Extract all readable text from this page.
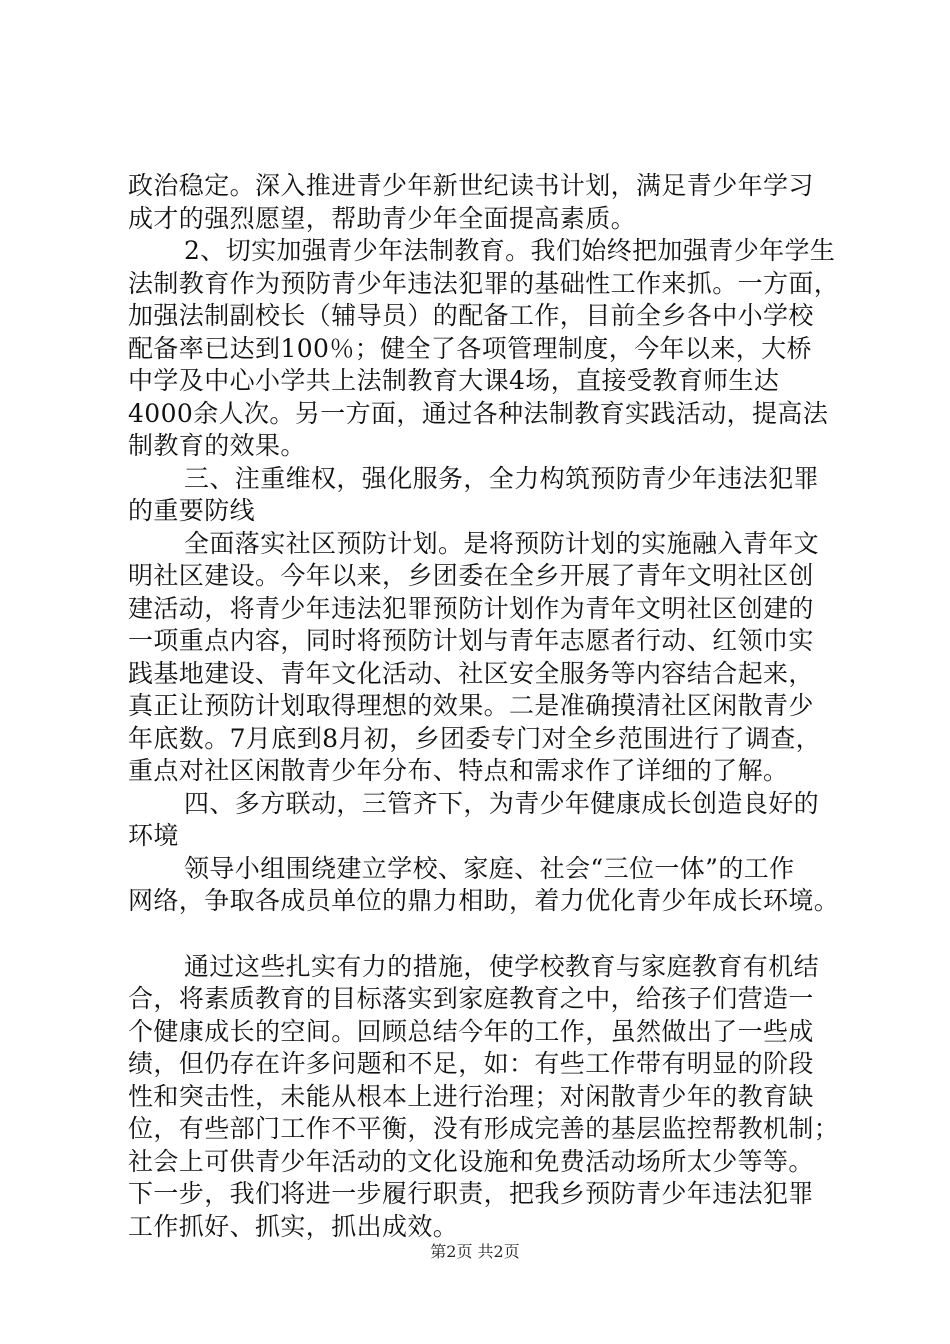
政治稳定。深入推进青少年新世纪读书计划，满足青少年学习
成才的强烈愿望，帮助青少年全面提高素质。
2、切实加强青少年法制教育。我们始终把加强青少年学生
法制教育作为预防青少年违法犯罪的基础性工作来抓。一方面，
加强法制副校长（辅导员）的配备工作，目前全乡各中小学校
配备率已达到100％；健全了各项管理制度，今年以来，大桥
中学及中心小学共上法制教育大课4场，直接受教育师生达
4000余人次。另一方面，通过各种法制教育实践活动，提高法
制教育的效果。
三、注重维权，强化服务，全力构筑预防青少年违法犯罪
的重要防线
全面落实社区预防计划。是将预防计划的实施融入青年文
明社区建设。今年以来，乡团委在全乡开展了青年文明社区创
建活动，将青少年违法犯罪预防计划作为青年文明社区创建的
一项重点内容，同时将预防计划与青年志愿者行动、红领巾实
践基地建设、青年文化活动、社区安全服务等内容结合起来，
真正让预防计划取得理想的效果。二是准确摸清社区闲散青少
年底数。7月底到8月初，乡团委专门对全乡范围进行了调查，
重点对社区闲散青少年分布、特点和需求作了详细的了解。
四、多方联动，三管齐下，为青少年健康成长创造良好的
环境
领导小组围绕建立学校、家庭、社会“三位一体”的工作
网络，争取各成员单位的鼎力相助，着力优化青少年成长环境。
通过这些扎实有力的措施，使学校教育与家庭教育有机结
合，将素质教育的目标落实到家庭教育之中，给孩子们营造一
个健康成长的空间。回顾总结今年的工作，虽然做出了一些成
绩，但仍存在许多问题和不足，如：有些工作带有明显的阶段
性和突击性，未能从根本上进行治理；对闲散青少年的教育缺
位，有些部门工作不平衡，没有形成完善的基层监控帮教机制；
社会上可供青少年活动的文化设施和免费活动场所太少等等。
下一步，我们将进一步履行职责，把我乡预防青少年违法犯罪
工作抓好、抓实，抓出成效。
第2页 共2页
